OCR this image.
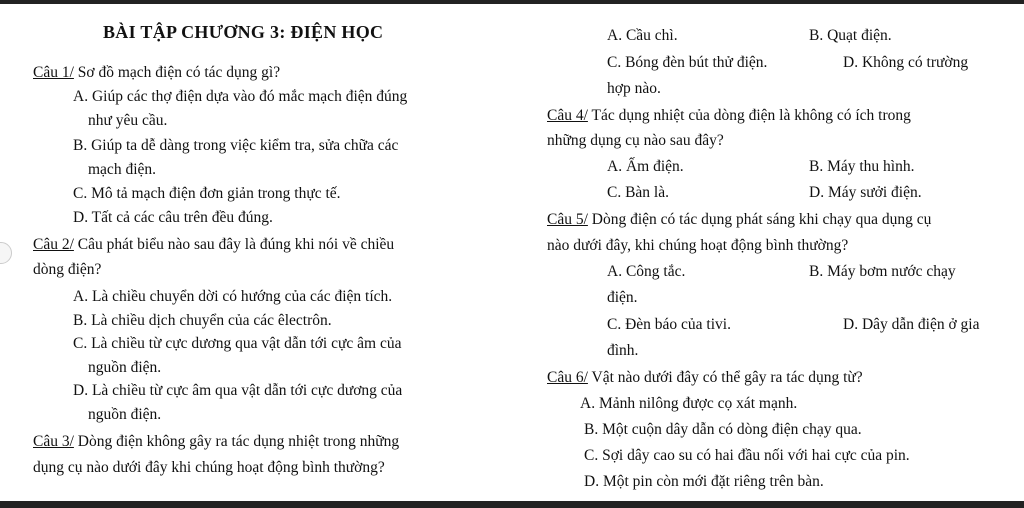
BÀI TẬP CHƯƠNG 3: ĐIỆN HỌC
Câu 1/ Sơ đồ mạch điện có tác dụng gì?
A. Giúp các thợ điện dựa vào đó mắc mạch điện đúng
như yêu cầu.
B. Giúp ta dễ dàng trong việc kiểm tra, sửa chữa các
mạch điện.
C. Mô tả mạch điện đơn giản trong thực tế.
D. Tất cả các câu trên đều đúng.
Câu 2/ Câu phát biểu nào sau đây là đúng khi nói về chiều
dòng điện?
A. Là chiều chuyển dời có hướng của các điện tích.
B. Là chiều dịch chuyển của các êlectrôn.
C. Là chiều từ cực dương qua vật dẫn tới cực âm của
nguồn điện.
D. Là chiều từ cực âm qua vật dẫn tới cực dương của
nguồn điện.
Câu 3/ Dòng điện không gây ra tác dụng nhiệt trong những
dụng cụ nào dưới đây khi chúng hoạt động bình thường?
A. Cầu chì.	B. Quạt điện.
C. Bóng đèn bút thử điện.	D. Không có trường
hợp nào.
Câu 4/ Tác dụng nhiệt của dòng điện là không có ích trong
những dụng cụ nào sau đây?
A. Ấm điện.	B. Máy thu hình.
C. Bàn là.	D. Máy sưởi điện.
Câu 5/ Dòng điện có tác dụng phát sáng khi chạy qua dụng cụ
nào dưới đây, khi chúng hoạt động bình thường?
A. Công tắc.	B. Máy bơm nước chạy
điện.
C. Đèn báo của tivi.	D. Dây dẫn điện ở gia
đình.
Câu 6/ Vật nào dưới đây có thể gây ra tác dụng từ?
A. Mảnh nilông được cọ xát mạnh.
B. Một cuộn dây dẫn có dòng điện chạy qua.
C. Sợi dây cao su có hai đầu nối với hai cực của pin.
D. Một pin còn mới đặt riêng trên bàn.
